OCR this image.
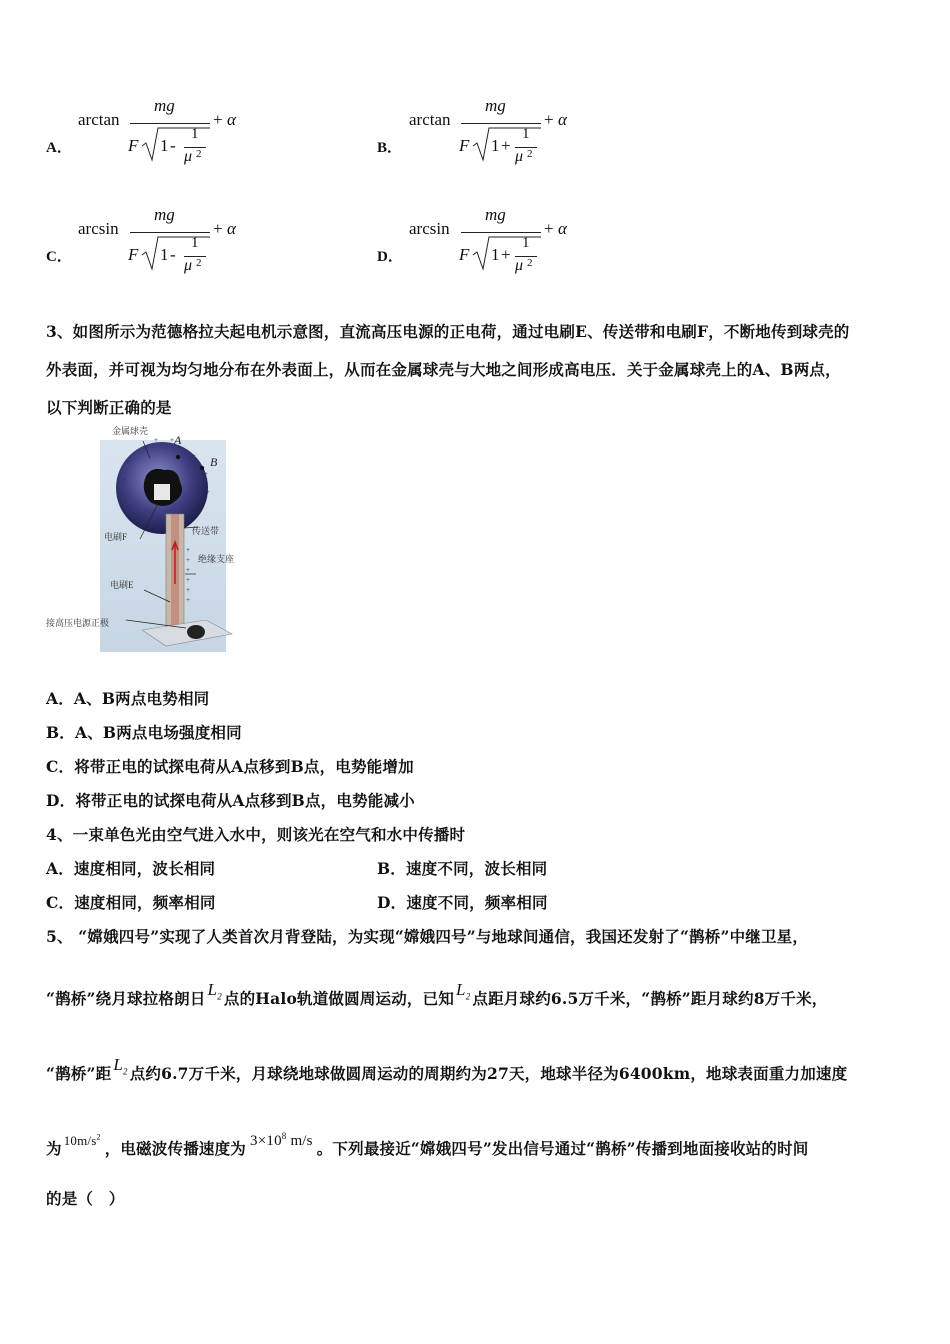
A．
arctan
mg
F 1 -
1
μ 2
+ α
B．
arctan
mg
F 1 +
1
μ 2
+ α
C．
arcsin
mg
F 1 -
1
μ 2
+ α
D．
arcsin
mg
F 1 +
1
μ 2
+ α
3、如图所示为范德格拉夫起电机示意图，直流高压电源的正电荷，通过电刷E、传送带和电刷F，不断地传到球壳的
外表面，并可视为均匀地分布在外表面上，从而在金属球壳与大地之间形成高电压．关于金属球壳上的A、B两点，
以下判断正确的是
+
+
+
+
+
+
+
+
+
+
+
+
+
+
+ +
金属球壳
A
B
电刷F
传送带
绝缘支座
电刷E
接高压电源正极
A．A、B两点电势相同
B．A、B两点电场强度相同
C．将带正电的试探电荷从A点移到B点，电势能增加
D．将带正电的试探电荷从A点移到B点，电势能减小
4、一束单色光由空气进入水中，则该光在空气和水中传播时
A．速度相同，波长相同	B．速度不同，波长相同
C．速度相同，频率相同	D．速度不同，频率相同
5、 “嫦娥四号”实现了人类首次月背登陆，为实现“嫦娥四号”与地球间通信，我国还发射了“鹊桥”中继卫星，
“鹊桥”绕月球拉格朗日 $L_2$ 点的Halo轨道做圆周运动，已知 $L_2$ 点距月球约6.5万千米，“鹊桥”距月球约8万千米，
“鹊桥”距 $L_2$ 点约6.7万千米，月球绕地球做圆周运动的周期约为27天，地球半径为6400km，地球表面重力加速度
为 $^{10m/s^2}$，电磁波传播速度为 $3\times 10^8$ m/s 。下列最接近“嫦娥四号”发出信号通过“鹊桥”传播到地面接收站的时间
的是（　）
